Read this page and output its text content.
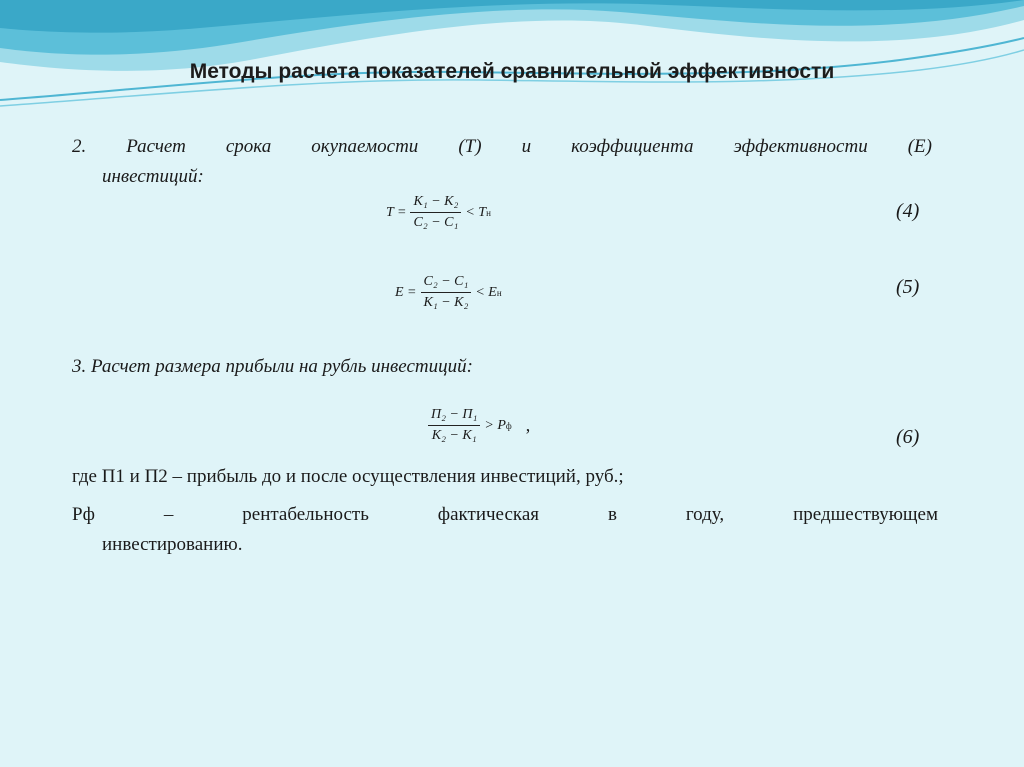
Методы расчета показателей сравнительной эффективности
2. Расчет срока окупаемости (T) и коэффициента эффективности (E)
инвестиций:
$T = \frac{\text{K₁ − K₂}}{\text{C₂ − C₁}} < T$ н	(4)
$E = \frac{\text{C₂ − C₁}}{\text{K₁ − K₂}} < E$ н	(5)
3. Расчет размера прибыли на рубль инвестиций:
$\frac{\text{П₂ − П₁}}{\text{K₂ − K₁}} > P$ ф ,
(6)
где П1 и П2 – прибыль до и после осуществления инвестиций, руб.;
Рф – рентабельность фактическая в году, предшествующем
инвестированию.
